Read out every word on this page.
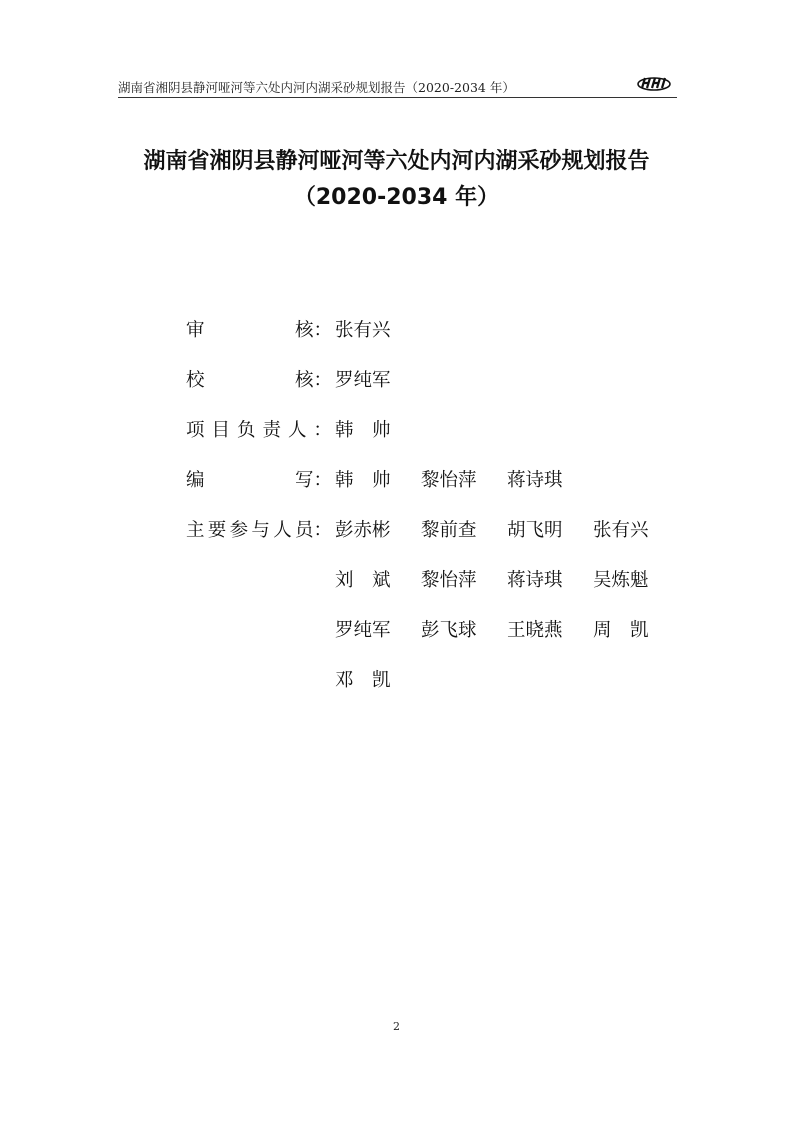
湖南省湘阴县静河哑河等六处内河内湖采砂规划报告（2020-2034 年）
湖南省湘阴县静河哑河等六处内河内湖采砂规划报告
（2020-2034 年）
审	核： 张有兴
校	核： 罗纯军
项 目 负 责 人 ： 韩　帅
编	写： 韩　帅 黎怡萍 蒋诗琪
主 要 参 与 人 员： 彭赤彬 黎前查 胡飞明 张有兴
刘　斌 黎怡萍 蒋诗琪 吴炼魁
罗纯军 彭飞球 王晓燕 周　凯
邓　凯
2
